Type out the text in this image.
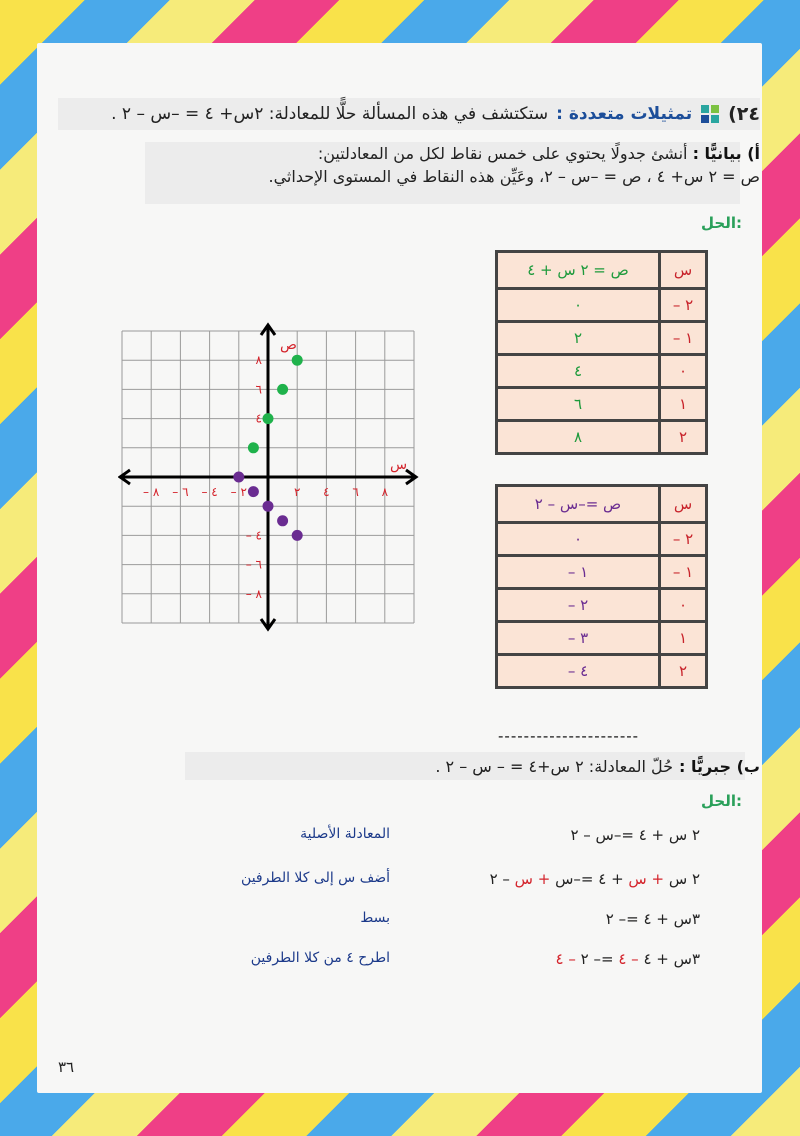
٢٤)
تمثيلات متعددة :
ستكتشف في هذه المسألة حلًّا للمعادلة: ٢س+ ٤ = –س – ٢ .
أ) بيانيًّا : أنشئ جدولًا يحتوي على خمس نقاط لكل من المعادلتين:
ص = ٢ س+ ٤ ، ص = –س – ٢، وعَيِّن هذه النقاط في المستوى الإحداثي.
الحل:
ص = ٢ س + ٤	س
٠	– ٢
٢	– ١
٤	٠
٦	١
٨	٢
ص =–س – ٢	س
٠	– ٢
– ١	– ١
– ٢	٠
– ٣	١
– ٤	٢
– ٨ – ٦ – ٤ – ٢	٢ ٤ ٦ ٨
٨
٦
٤
– ٤
– ٦
– ٨
س
ص
----------------------
ب) جبريًّا :
حُلّ المعادلة: ٢ س+٤ = – س – ٢ .
الحل:
٢ س + ٤ =–س – ٢
المعادلة الأصلية
٢ س + س + ٤ =–س + س – ٢
أضف س إلى كلا الطرفين
٣س + ٤ =– ٢
بسط
٣س + ٤ – ٤ =– ٢ – ٤
اطرح ٤ من كلا الطرفين
٣٦
